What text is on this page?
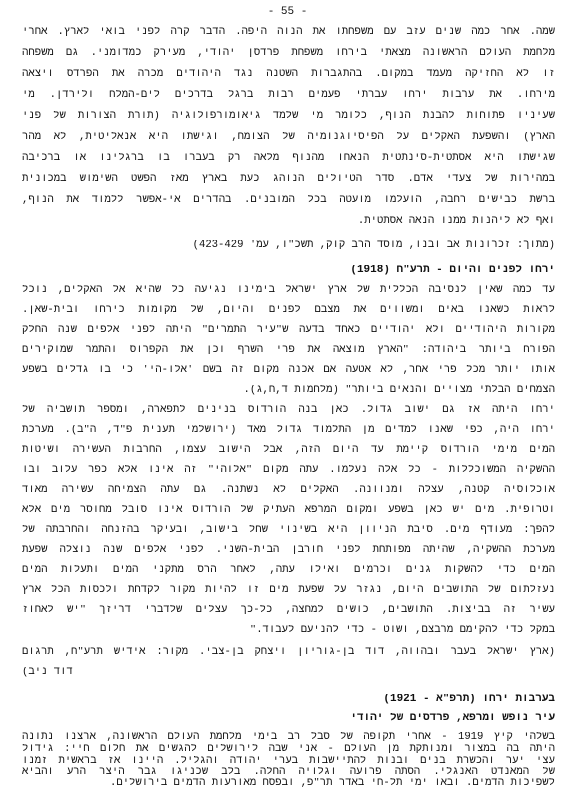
- 55 -
שמה. אחר כמה שנים עזב עם משפחתו את הנוה היפה. הדבר קרה לפני בואי לארץ. אחרי
מלחמת העולם הראשונה מצאתי בירחו משפחת פרדסן יהודי, מעירק כמדומני. גם משפחה
זו לא החזיקה מעמד במקום. בהתגברות השטנה נגד היהודים מכרה את הפרדס ויצאה
מירחו. את ערבות ירחו עברתי פעמים רבות ברגל בדרכים לים-המלח ולירדן. מי
שעיניו פתוחות להבנת הנוף, כלומר מי שלמד גיאומורפולוגיה (תורת הצורות של פני
הארץ) והשפעת האקלים על הפיסיוגנומיה של הצומח, וגישתו היא אנאליטית, לא מהר
שגישתו היא אסתטית-סינתטית הנאחו מהנוף מלאה רק בעברו בו ברגלינו או ברכיבה
במהירות של צעדי אדם. סדר הטיולים הנוהג כעת בארץ מאז הפשט השימוש במכונית
ברשת כבישים רחבה, הועלמו מועטה בכל המובנים. בהדרים אי-אפשר ללמוד את הנוף,
ואף לא ליהנות ממנו הנאה אסתטית.
(מתוך: זכרונות אב ובנו, מוסד הרב קוק, תשכ"ו, עמ' 423-429)
ירחו לפנים והיום - תרע"ח (1918)
עד כמה שאין לנסיבה הכללית של ארץ ישראל בימינו נגיעה כל שהיא אל האקלים, נוכל
לראות כשאנו באים ומשווים את מצבם לפנים והיום, של מקומות כירחו ובית-שאן.
מקורות היהודיים ולא יהודיים כאחד בדעה ש"עיר התמרים" היתה לפני אלפים שנה החלק
הפורח ביותר ביהודה: "הארץ מוצאה את פרי השרף וכן את הקפרוס והתמר שמוקירים
אותו יותר מכל פרי אחר, לא אטעה אם אכנה מקום זה בשם 'אלו-הי' כי בו גדלים בשפע
הצמחים הבלתי מצויים והנאים ביותר" (מלחמות ד,ח,ג).
ירחו היתה אז גם ישוב גדול. כאן בנה הורדוס בנינים לתפארה, ומספר תושביה של
ירחו היה, כפי שאנו למדים מן התלמוד גדול מאד (ירושלמי תענית פ"ד, ה"ב). מערכת
המים מימי הורדוס קיימת עד היום הזה, אבל הישוב עצמו, החרבות העשירה ושיטות
ההשקיה המשוכללות - כל אלה נעלמו. עתה מקום "אלוהי" זה אינו אלא כפר עלוב ובו
אוכלוסיה קטנה, עצלה ומנוונה. האקלים לא נשתנה. גם עתה הצמיחה עשירה מאוד
וטרופית. מים יש כאן בשפע ומקום המרפא העתיק של הורדוס אינו סובל מחוסר מים אלא
להפך: מעודף מים. סיבת הניוון היא בשינוי שחל בישוב, ובעיקר בהזנחה והחרבתה של
מערכת ההשקיה, שהיתה מפותחת לפני חורבן הבית-השני. לפני אלפים שנה נוצלה שפעת
המים כדי להשקות גנים וכרמים ואילו עתה, לאחר הרס מתקני המים ותעלות המים
נעזלתום של התושבים היום, נגזר על שפעת מים זו להיות מקור לקדחת ולכסות הכל ארץ
עשיר זה בביצות. התושבים, כושים למחצה, כל-כך עצלים שלדברי דריזך "יש לאחוז
במקל כדי להקימם מרבצם, ושוט - כדי להניעם לעבוד."
(ארץ ישראל בעבר ובהווה, דוד בן-גוריון ויצחק בן-צבי. מקור: אידיש תרע"ח, תרגום
דוד ניב)
בערבות ירחו (תרפ"א - 1921)
עיר נופש ומרפא, פרדסים של יהודי
בשלהי קיץ 1919 - אחרי תקופה של סבל רב בימי מלחמת העולם הראשונה, ארצנו נתונה
היתה בה במצור ומנותקת מן העולם - אני שבה לירושלים להגשים את חלום חיי: גידול
עצי יער והכשרת בנים ובנות להתיישבות בערי יהודה והגליל. היינו אז בראשית זמנו
של המאנדט האנגלי. הסתה פרועה וגלויה החלה. בלב שכניגו גבר היצר הרע והביא
לשפיכות הדמים. ובאו ימי תל-חי באדר תר"פ, ובפסח מאורעות הדמים בירושלים.
